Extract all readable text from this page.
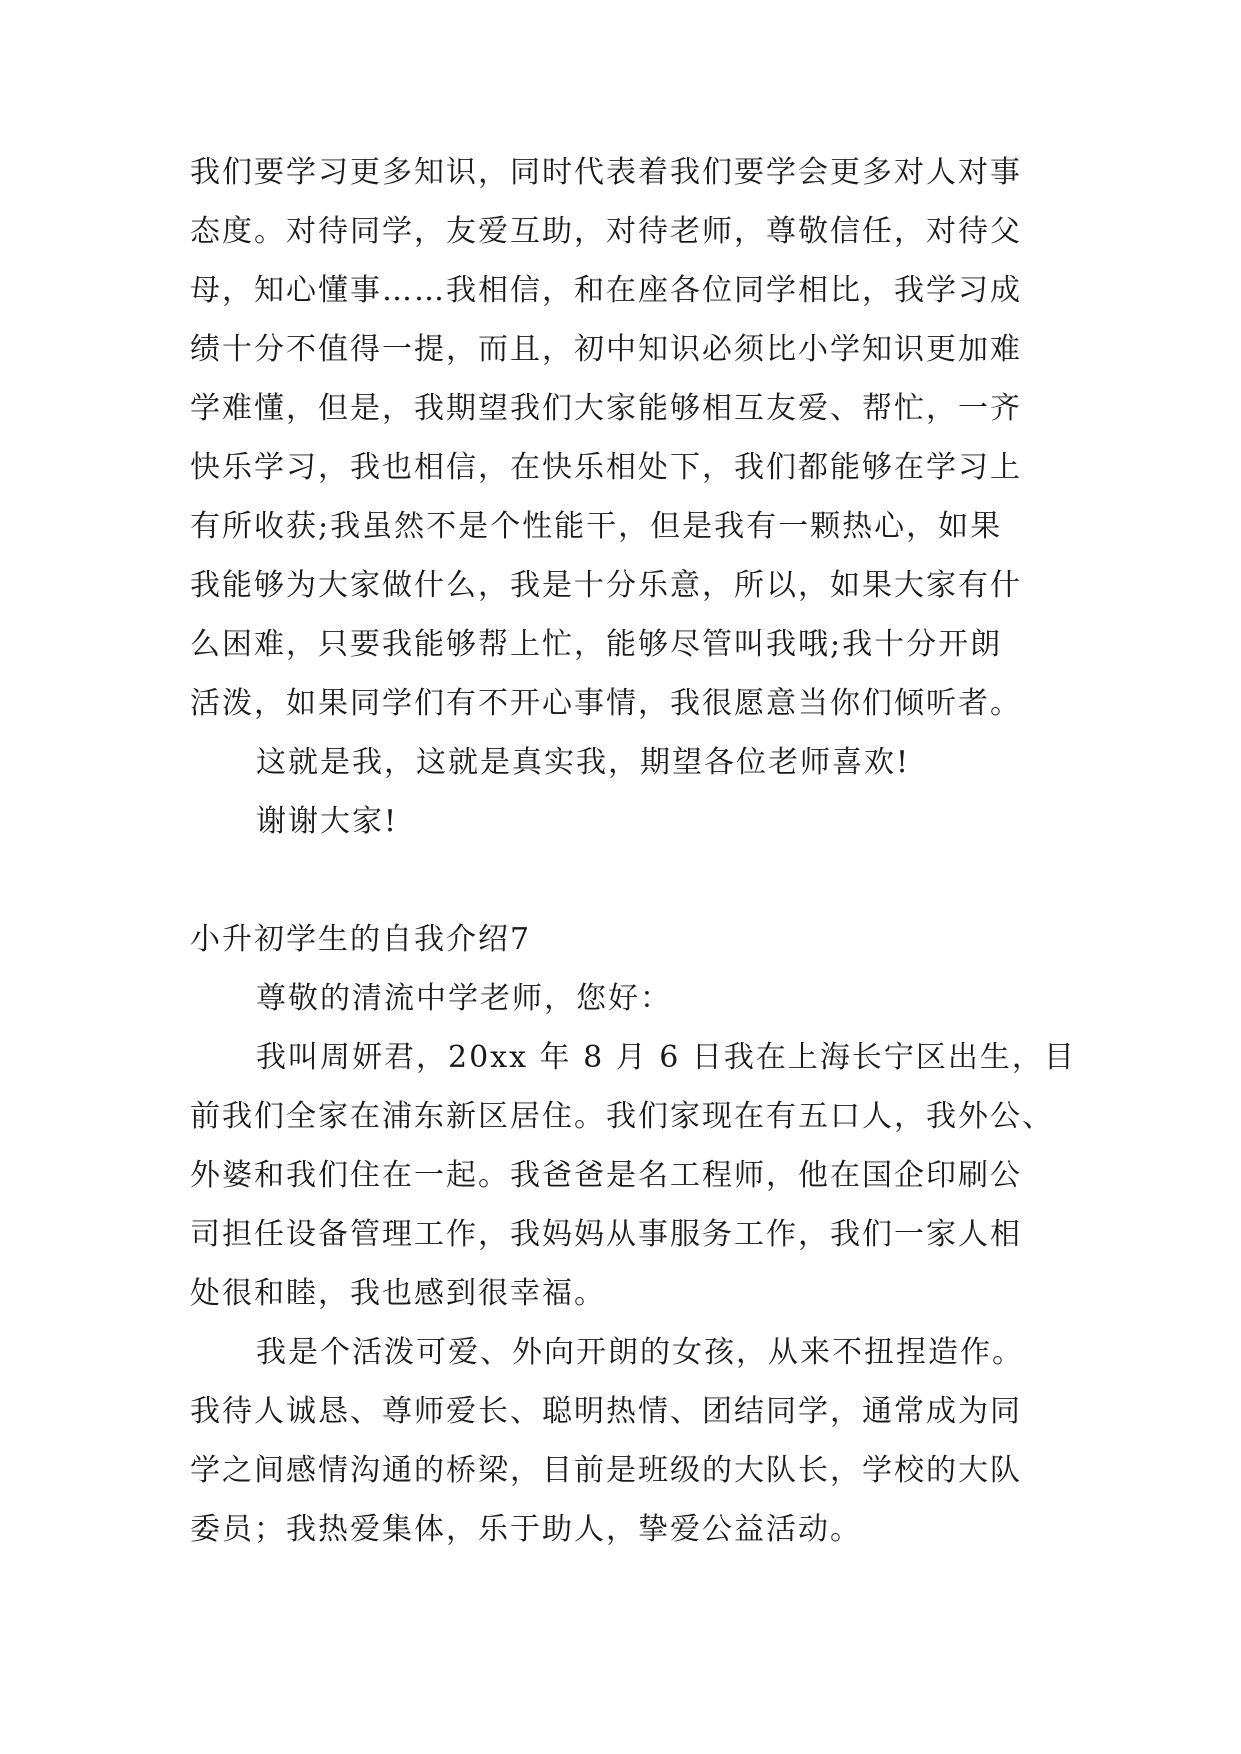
我们要学习更多知识，同时代表着我们要学会更多对人对事
态度。对待同学，友爱互助，对待老师，尊敬信任，对待父
母，知心懂事……我相信，和在座各位同学相比，我学习成
绩十分不值得一提，而且，初中知识必须比小学知识更加难
学难懂，但是，我期望我们大家能够相互友爱、帮忙，一齐
快乐学习，我也相信，在快乐相处下，我们都能够在学习上
有所收获;我虽然不是个性能干，但是我有一颗热心，如果
我能够为大家做什么，我是十分乐意，所以，如果大家有什
么困难，只要我能够帮上忙，能够尽管叫我哦;我十分开朗
活泼，如果同学们有不开心事情，我很愿意当你们倾听者。
这就是我，这就是真实我，期望各位老师喜欢!
谢谢大家!
小升初学生的自我介绍7
尊敬的清流中学老师，您好：
我叫周妍君，20xx 年 8 月 6 日我在上海长宁区出生，目
前我们全家在浦东新区居住。我们家现在有五口人，我外公、
外婆和我们住在一起。我爸爸是名工程师，他在国企印刷公
司担任设备管理工作，我妈妈从事服务工作，我们一家人相
处很和睦，我也感到很幸福。
我是个活泼可爱、外向开朗的女孩，从来不扭捏造作。
我待人诚恳、尊师爱长、聪明热情、团结同学，通常成为同
学之间感情沟通的桥梁，目前是班级的大队长，学校的大队
委员；我热爱集体，乐于助人，挚爱公益活动。
